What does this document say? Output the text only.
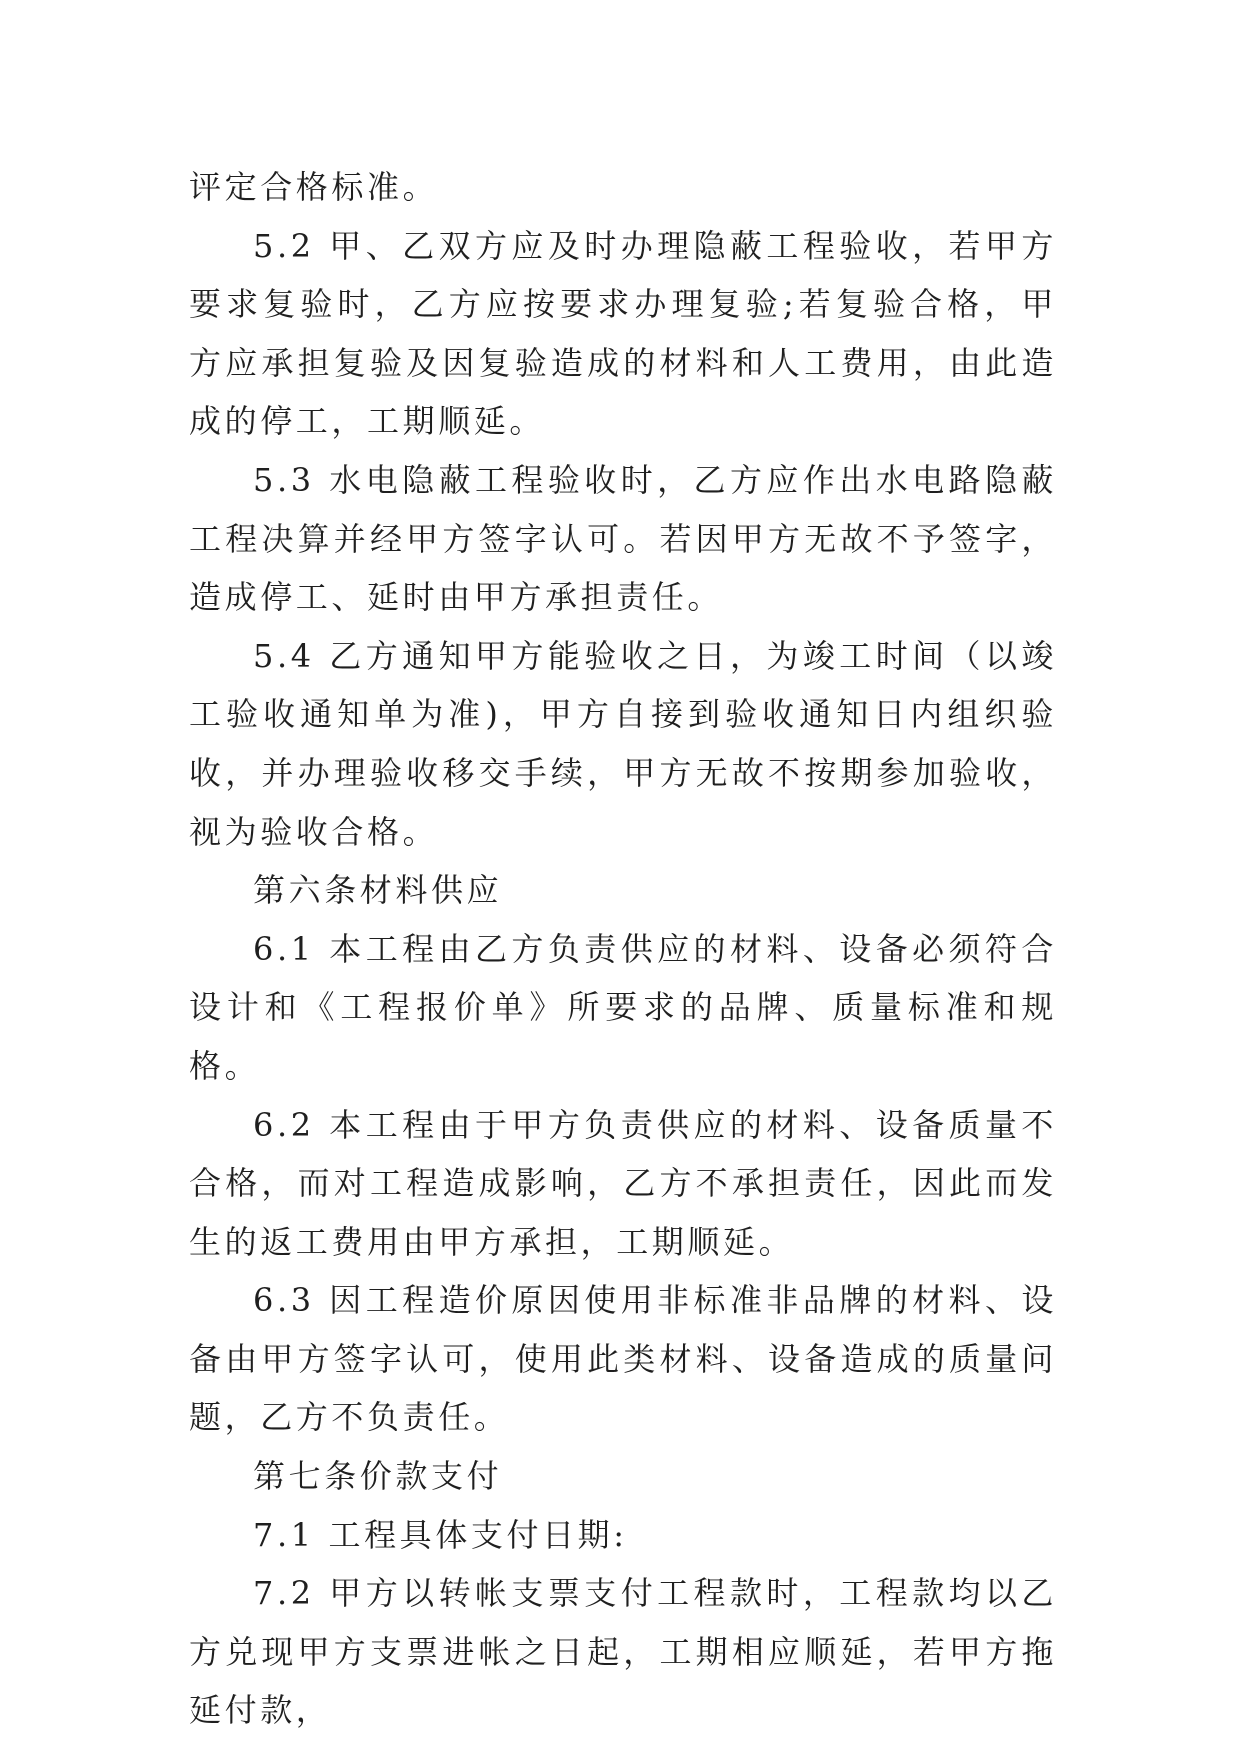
评定合格标准。

5.2 甲、乙双方应及时办理隐蔽工程验收，若甲方要求复验时，乙方应按要求办理复验;若复验合格，甲方应承担复验及因复验造成的材料和人工费用，由此造成的停工，工期顺延。

5.3 水电隐蔽工程验收时，乙方应作出水电路隐蔽工程决算并经甲方签字认可。若因甲方无故不予签字，造成停工、延时由甲方承担责任。

5.4 乙方通知甲方能验收之日，为竣工时间（以竣工验收通知单为准)，甲方自接到验收通知日内组织验收，并办理验收移交手续，甲方无故不按期参加验收，视为验收合格。

第六条材料供应

6.1 本工程由乙方负责供应的材料、设备必须符合设计和《工程报价单》所要求的品牌、质量标准和规格。

6.2 本工程由于甲方负责供应的材料、设备质量不合格，而对工程造成影响，乙方不承担责任，因此而发生的返工费用由甲方承担，工期顺延。

6.3 因工程造价原因使用非标准非品牌的材料、设备由甲方签字认可，使用此类材料、设备造成的质量问题，乙方不负责任。

第七条价款支付

7.1 工程具体支付日期:

7.2 甲方以转帐支票支付工程款时，工程款均以乙方兑现甲方支票进帐之日起，工期相应顺延，若甲方拖延付款，
